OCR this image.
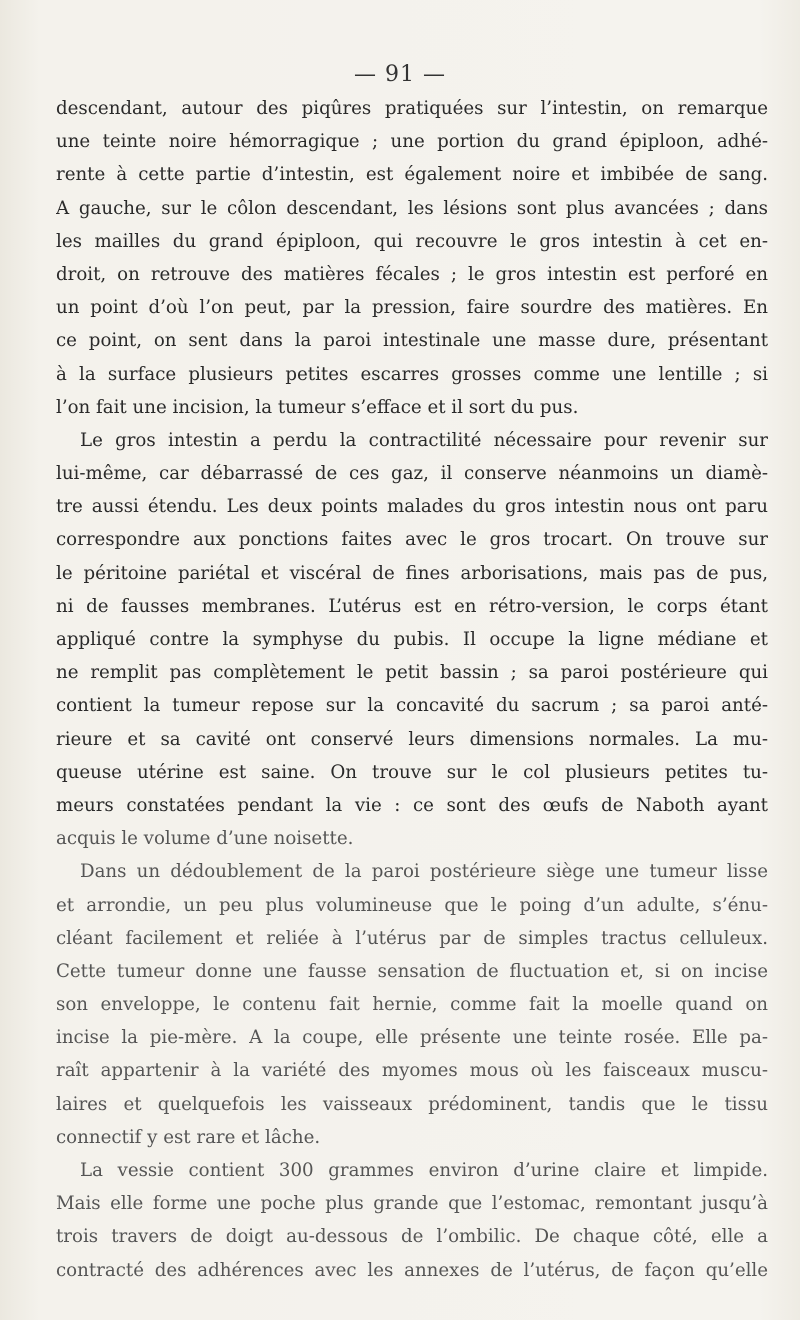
— 91 —
descendant, autour des piqûres pratiquées sur l’intestin, on remarque
une teinte noire hémorragique ; une portion du grand épiploon, adhé-
rente à cette partie d’intestin, est également noire et imbibée de sang.
A gauche, sur le côlon descendant, les lésions sont plus avancées ; dans
les mailles du grand épiploon, qui recouvre le gros intestin à cet en-
droit, on retrouve des matières fécales ; le gros intestin est perforé en
un point d’où l’on peut, par la pression, faire sourdre des matières. En
ce point, on sent dans la paroi intestinale une masse dure, présentant
à la surface plusieurs petites escarres grosses comme une lentille ; si
l’on fait une incision, la tumeur s’efface et il sort du pus.
Le gros intestin a perdu la contractilité nécessaire pour revenir sur
lui-même, car débarrassé de ces gaz, il conserve néanmoins un diamè-
tre aussi étendu. Les deux points malades du gros intestin nous ont paru
correspondre aux ponctions faites avec le gros trocart. On trouve sur
le péritoine pariétal et viscéral de fines arborisations, mais pas de pus,
ni de fausses membranes. L’utérus est en rétro-version, le corps étant
appliqué contre la symphyse du pubis. Il occupe la ligne médiane et
ne remplit pas complètement le petit bassin ; sa paroi postérieure qui
contient la tumeur repose sur la concavité du sacrum ; sa paroi anté-
rieure et sa cavité ont conservé leurs dimensions normales. La mu-
queuse utérine est saine. On trouve sur le col plusieurs petites tu-
meurs constatées pendant la vie : ce sont des œufs de Naboth ayant
acquis le volume d’une noisette.
Dans un dédoublement de la paroi postérieure siège une tumeur lisse
et arrondie, un peu plus volumineuse que le poing d’un adulte, s’énu-
cléant facilement et reliée à l’utérus par de simples tractus celluleux.
Cette tumeur donne une fausse sensation de fluctuation et, si on incise
son enveloppe, le contenu fait hernie, comme fait la moelle quand on
incise la pie-mère. A la coupe, elle présente une teinte rosée. Elle pa-
raît appartenir à la variété des myomes mous où les faisceaux muscu-
laires et quelquefois les vaisseaux prédominent, tandis que le tissu
connectif y est rare et lâche.
La vessie contient 300 grammes environ d’urine claire et limpide.
Mais elle forme une poche plus grande que l’estomac, remontant jusqu’à
trois travers de doigt au-dessous de l’ombilic. De chaque côté, elle a
contracté des adhérences avec les annexes de l’utérus, de façon qu’elle
